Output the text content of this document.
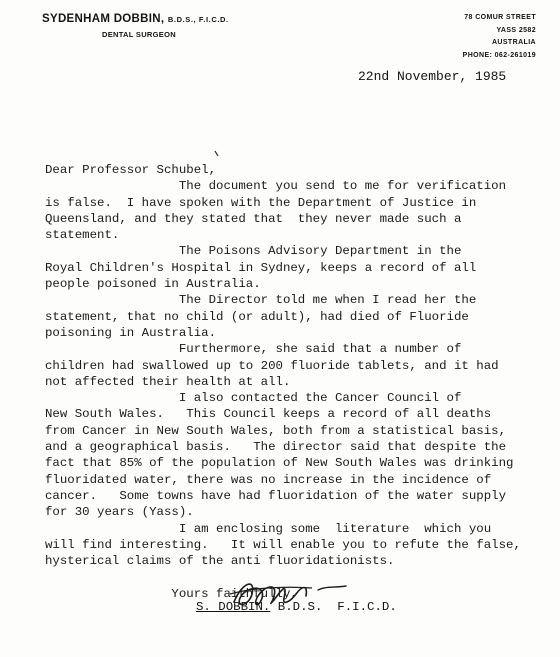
SYDENHAM DOBBIN, B.D.S., F.I.C.D.
DENTAL SURGEON
78 COMUR STREET
YASS 2582
AUSTRALIA
PHONE: 062-261019
22nd November, 1985
Dear Professor Schubel,
The document you send to me for verification
is false.  I have spoken with the Department of Justice in
Queensland, and they stated that  they never made such a
statement.
The Poisons Advisory Department in the
Royal Children's Hospital in Sydney, keeps a record of all
people poisoned in Australia.
The Director told me when I read her the
statement, that no child (or adult), had died of Fluoride
poisoning in Australia.
Furthermore, she said that a number of
children had swallowed up to 200 fluoride tablets, and it had
not affected their health at all.
I also contacted the Cancer Council of
New South Wales.   This Council keeps a record of all deaths
from Cancer in New South Wales, both from a statistical basis,
and a geographical basis.   The director said that despite the
fact that 85% of the population of New South Wales was drinking
fluoridated water, there was no increase in the incidence of
cancer.   Some towns have had fluoridation of the water supply
for 30 years (Yass).
I am enclosing some  literature  which you
will find interesting.   It will enable you to refute the false,
hysterical claims of the anti fluoridationists.
Yours faithfully,
S. DOBBIN. B.D.S.  F.I.C.D.
